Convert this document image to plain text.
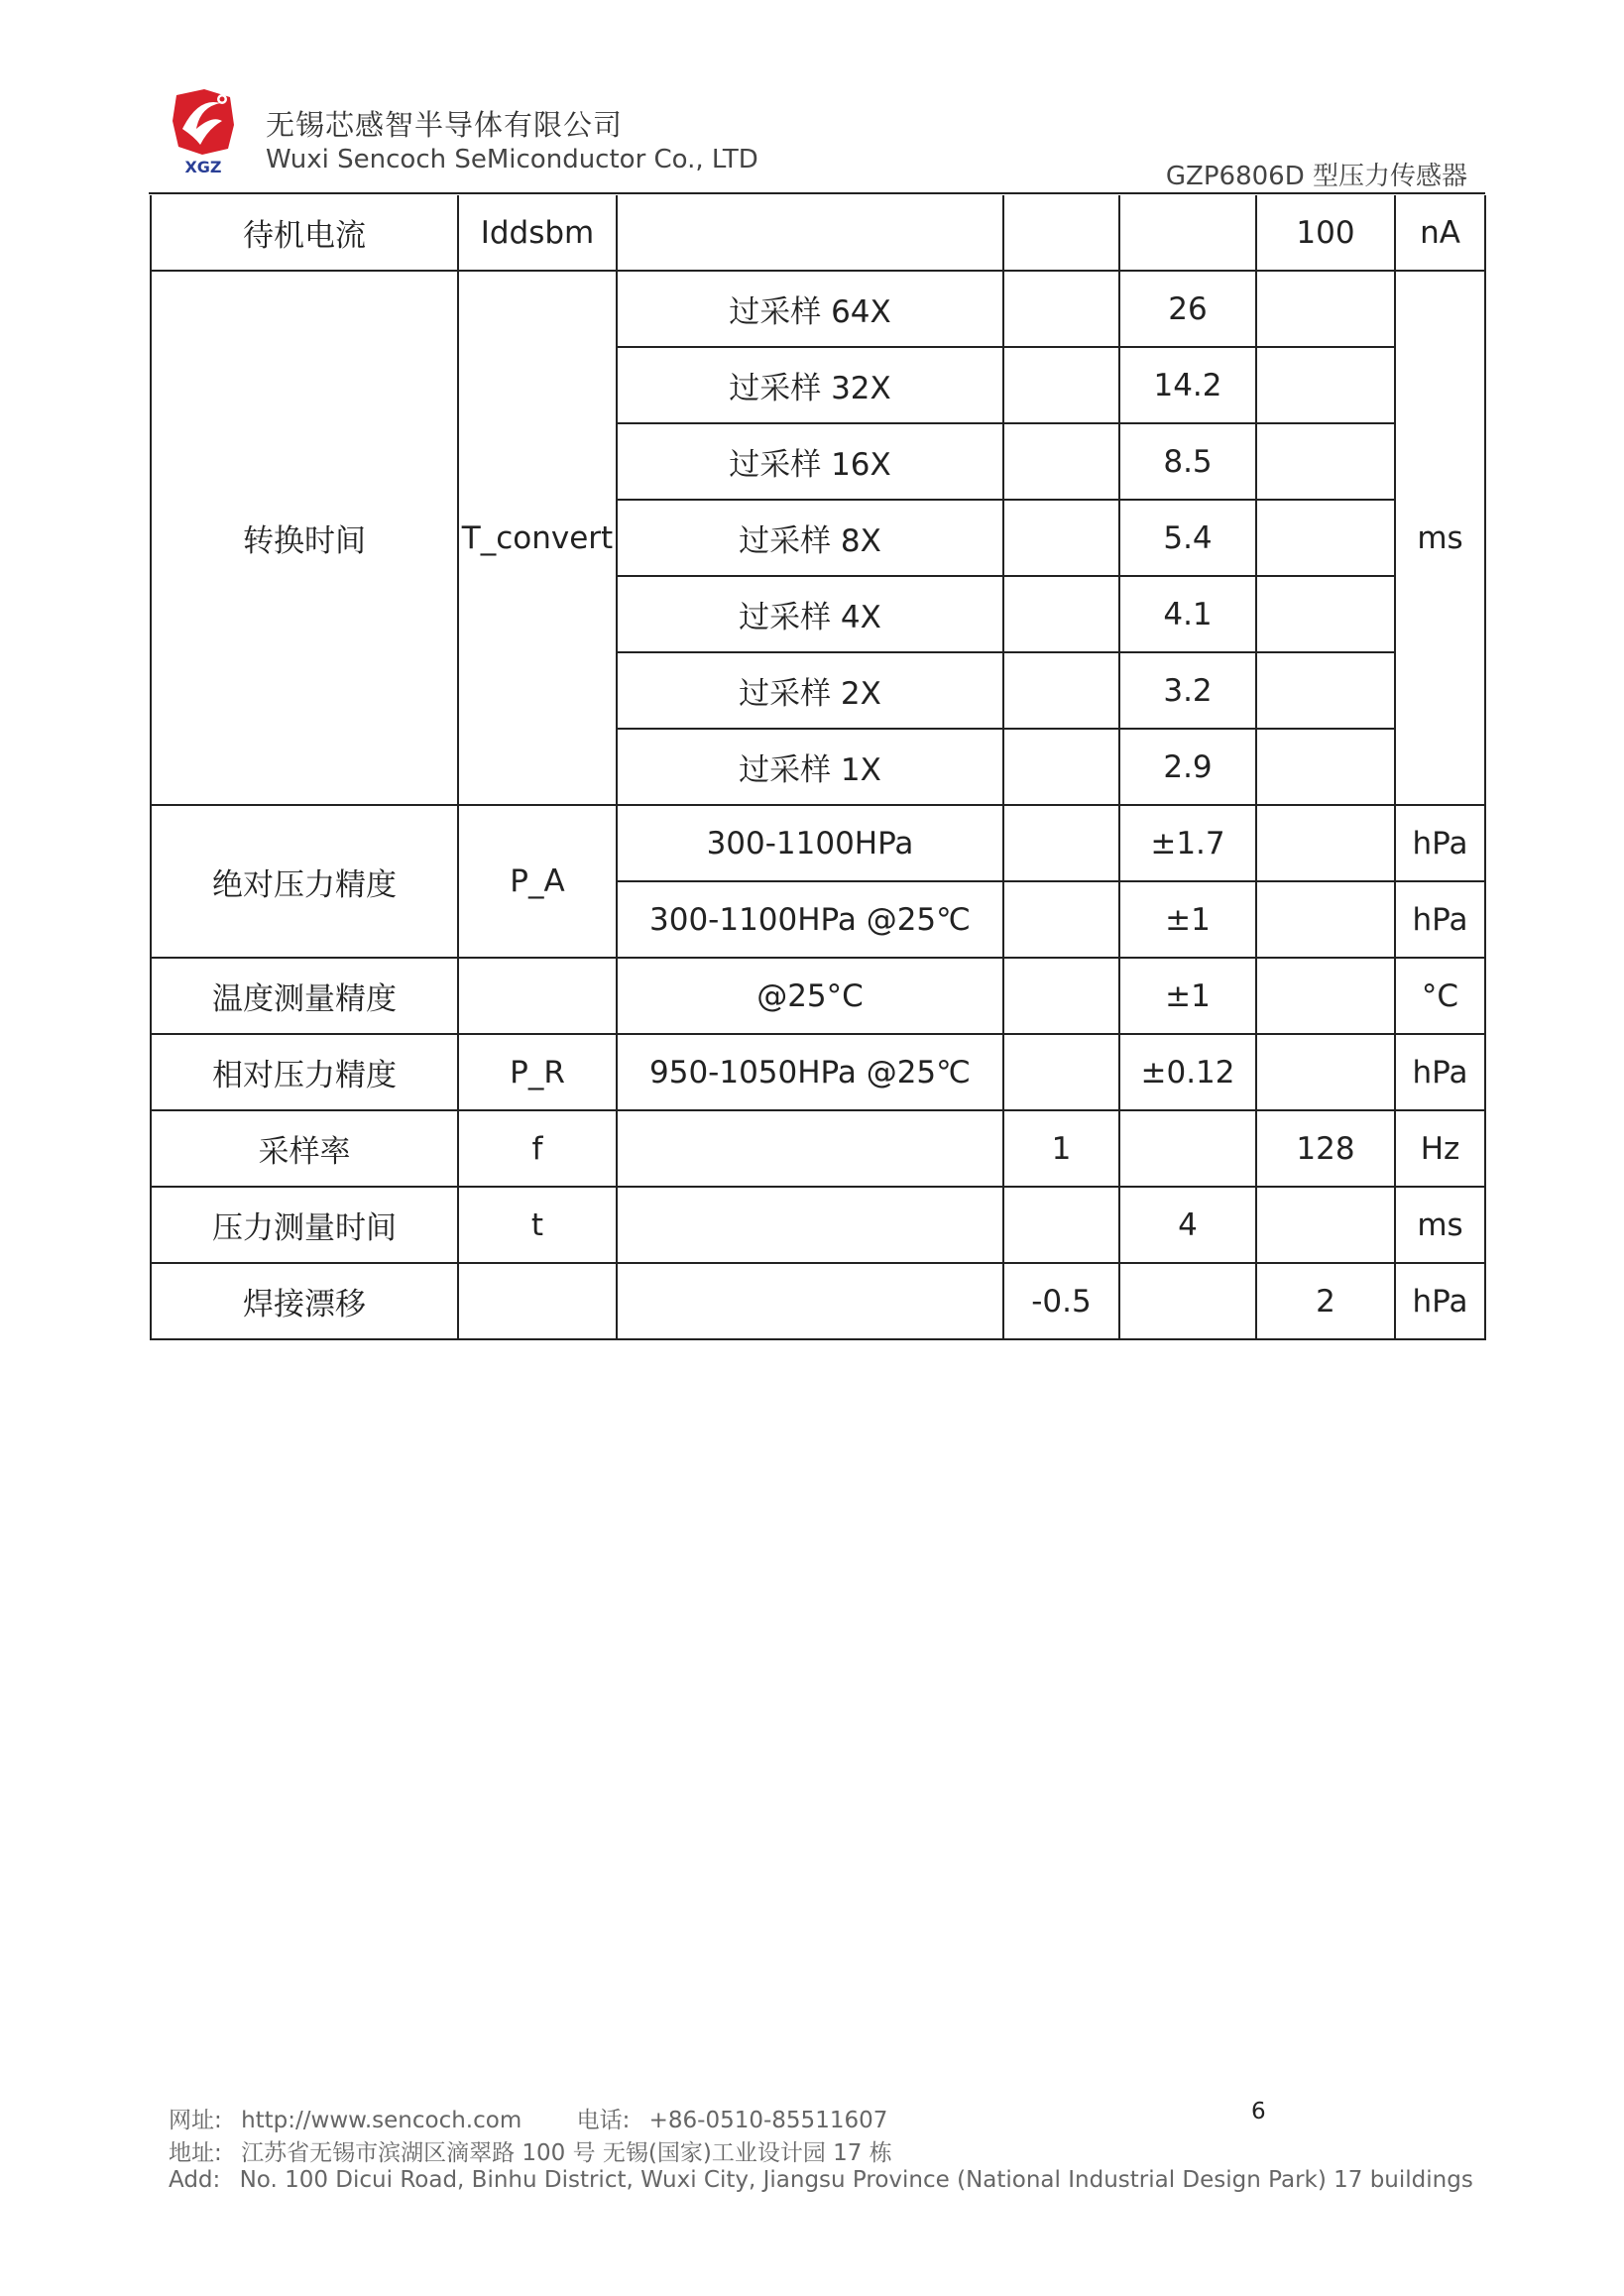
XGZ
无锡芯感智半导体有限公司
Wuxi Sencoch SeMiconductor Co., LTD
GZP6806D 型压力传感器
待机电流	Iddsbm				100	nA
转换时间	T_convert	过采样 64X		26		ms
		过采样 32X		14.2		
		过采样 16X		8.5		
		过采样 8X		5.4		
		过采样 4X		4.1		
		过采样 2X		3.2		
		过采样 1X		2.9		
绝对压力精度	P_A	300-1100HPa		±1.7		hPa
		300-1100HPa @25℃		±1		hPa
温度测量精度		@25°C		±1		°C
相对压力精度	P_R	950-1050HPa @25℃		±0.12		hPa
采样率	f		1		128	Hz
压力测量时间	t			4		ms
焊接漂移			-0.5		2	hPa
网址: http://www.sencoch.com 电话: +86-0510-85511607	6
地址: 江苏省无锡市滨湖区滴翠路 100 号 无锡(国家)工业设计园 17 栋
Add: No. 100 Dicui Road, Binhu District, Wuxi City, Jiangsu Province (National Industrial Design Park) 17 buildings
